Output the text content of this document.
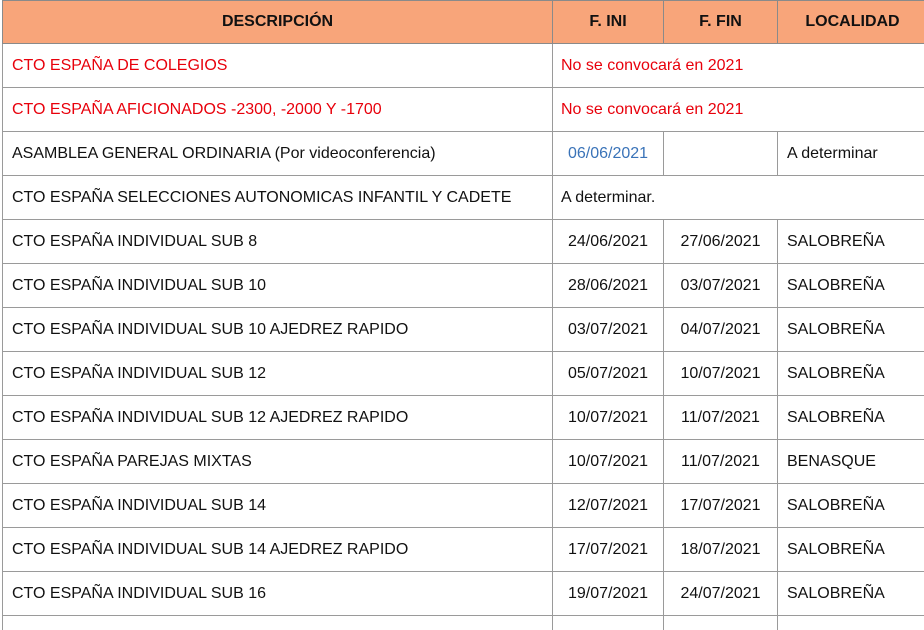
DESCRIPCIÓN	F. INI	F. FIN	LOCALIDAD
CTO ESPAÑA DE COLEGIOS	No se convocará en 2021		
CTO ESPAÑA AFICIONADOS -2300, -2000 Y -1700	No se convocará en 2021		
ASAMBLEA GENERAL ORDINARIA (Por videoconferencia)	06/06/2021		A determinar
CTO ESPAÑA SELECCIONES AUTONOMICAS INFANTIL Y CADETE	A determinar.		
CTO ESPAÑA INDIVIDUAL SUB 8	24/06/2021	27/06/2021	SALOBREÑA
CTO ESPAÑA INDIVIDUAL SUB 10	28/06/2021	03/07/2021	SALOBREÑA
CTO ESPAÑA INDIVIDUAL SUB 10 AJEDREZ RAPIDO	03/07/2021	04/07/2021	SALOBREÑA
CTO ESPAÑA INDIVIDUAL SUB 12	05/07/2021	10/07/2021	SALOBREÑA
CTO ESPAÑA INDIVIDUAL SUB 12 AJEDREZ RAPIDO	10/07/2021	11/07/2021	SALOBREÑA
CTO ESPAÑA PAREJAS MIXTAS	10/07/2021	11/07/2021	BENASQUE
CTO ESPAÑA INDIVIDUAL SUB 14	12/07/2021	17/07/2021	SALOBREÑA
CTO ESPAÑA INDIVIDUAL SUB 14 AJEDREZ RAPIDO	17/07/2021	18/07/2021	SALOBREÑA
CTO ESPAÑA INDIVIDUAL SUB 16	19/07/2021	24/07/2021	SALOBREÑA
